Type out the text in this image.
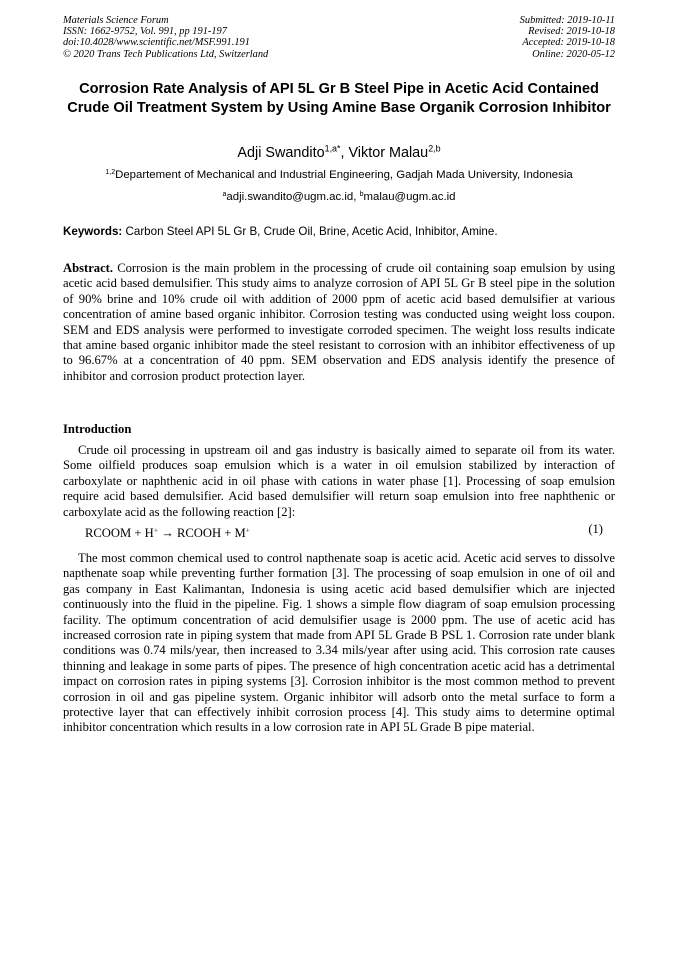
Materials Science Forum
ISSN: 1662-9752, Vol. 991, pp 191-197
doi:10.4028/www.scientific.net/MSF.991.191
© 2020 Trans Tech Publications Ltd, Switzerland
Submitted: 2019-10-11
Revised: 2019-10-18
Accepted: 2019-10-18
Online: 2020-05-12
Corrosion Rate Analysis of API 5L Gr B Steel Pipe in Acetic Acid Contained Crude Oil Treatment System by Using Amine Base Organik Corrosion Inhibitor
Adji Swandito$^{1,a*}$, Viktor Malau$^{2,b}$
$^{1,2}$Departement of Mechanical and Industrial Engineering, Gadjah Mada University, Indonesia
$^a$adji.swandito@ugm.ac.id, $^b$malau@ugm.ac.id
Keywords: Carbon Steel API 5L Gr B, Crude Oil, Brine, Acetic Acid, Inhibitor, Amine.
Abstract. Corrosion is the main problem in the processing of crude oil containing soap emulsion by using acetic acid based demulsifier. This study aims to analyze corrosion of API 5L Gr B steel pipe in the solution of 90% brine and 10% crude oil with addition of 2000 ppm of acetic acid based demulsifier at various concentration of amine based organic inhibitor. Corrosion testing was conducted using weight loss coupon. SEM and EDS analysis were performed to investigate corroded specimen. The weight loss results indicate that amine based organic inhibitor made the steel resistant to corrosion with an inhibitor effectiveness of up to 96.67% at a concentration of 40 ppm. SEM observation and EDS analysis identify the presence of inhibitor and corrosion product protection layer.
Introduction
Crude oil processing in upstream oil and gas industry is basically aimed to separate oil from its water. Some oilfield produces soap emulsion which is a water in oil emulsion stabilized by interaction of carboxylate or naphthenic acid in oil phase with cations in water phase [1]. Processing of soap emulsion require acid based demulsifier. Acid based demulsifier will return soap emulsion into free naphthenic or carboxylate acid as the following reaction [2]:
RCOOM + H+ → RCOOH + M+	(1)
The most common chemical used to control napthenate soap is acetic acid. Acetic acid serves to dissolve napthenate soap while preventing further formation [3]. The processing of soap emulsion in one of oil and gas company in East Kalimantan, Indonesia is using acetic acid based demulsifier which are injected continuously into the fluid in the pipeline. Fig. 1 shows a simple flow diagram of soap emulsion processing facility. The optimum concentration of acid demulsifier usage is 2000 ppm. The use of acetic acid has increased corrosion rate in piping system that made from API 5L Grade B PSL 1. Corrosion rate under blank conditions was 0.74 mils/year, then increased to 3.34 mils/year after using acid. This corrosion rate causes thinning and leakage in some parts of pipes. The presence of high concentration acetic acid has a detrimental impact on corrosion rates in piping systems [3]. Corrosion inhibitor is the most common method to prevent corrosion in oil and gas pipeline system. Organic inhibitor will adsorb onto the metal surface to form a protective layer that can effectively inhibit corrosion process [4]. This study aims to determine optimal inhibitor concentration which results in a low corrosion rate in API 5L Grade B pipe material.
